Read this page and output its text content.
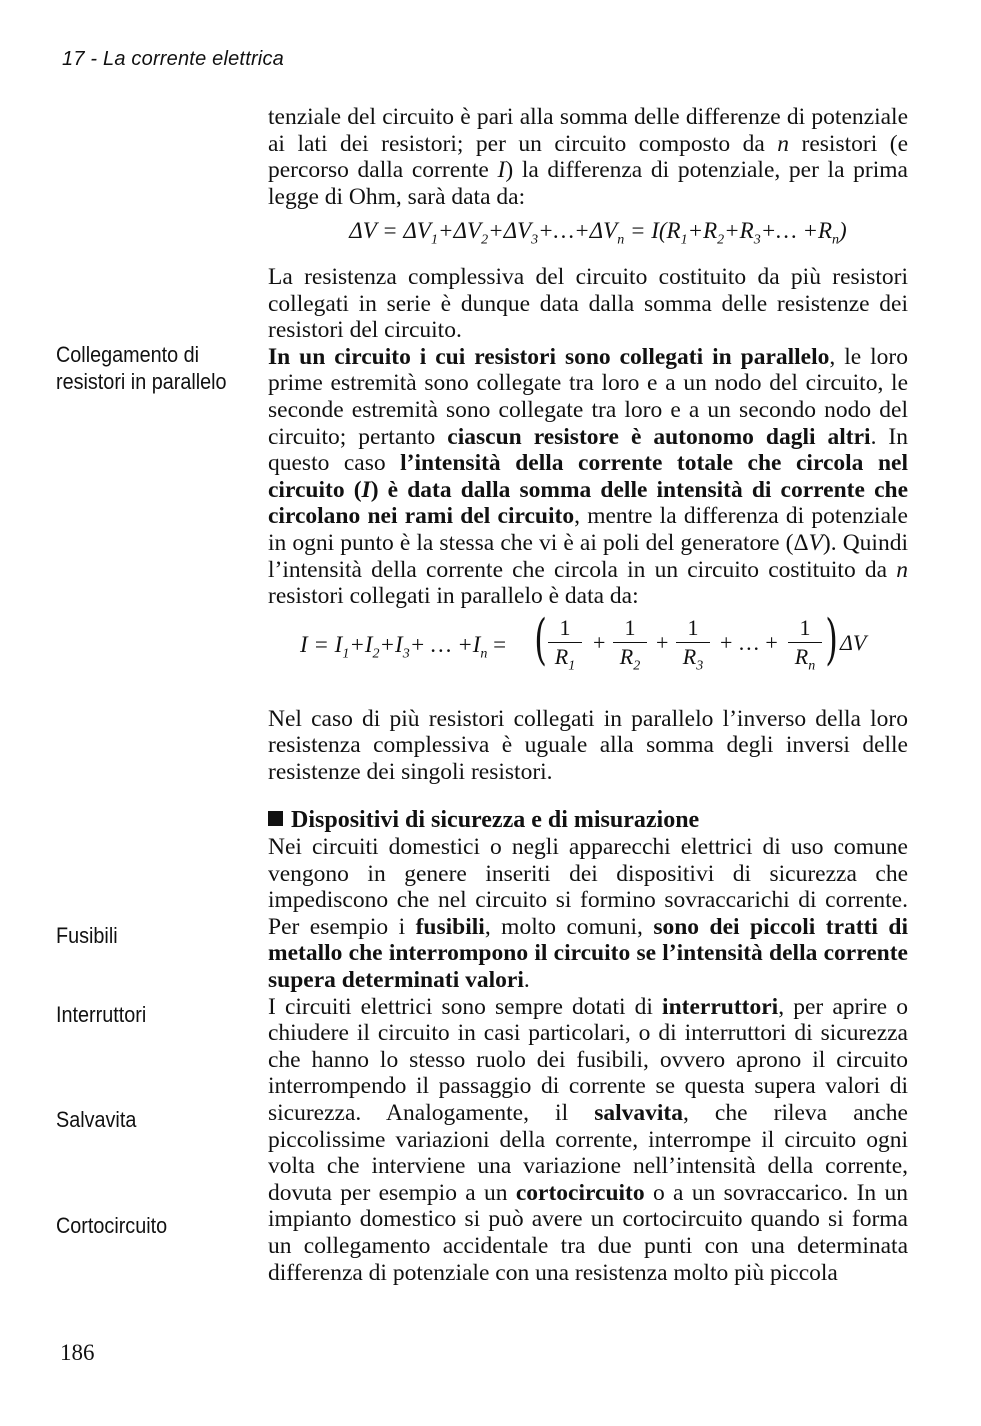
17 - La corrente elettrica
Collegamento di resistori in parallelo
Fusibili
Interruttori
Salvavita
Cortocircuito

tenziale del circuito è pari alla somma delle differenze di potenziale ai lati dei resistori; per un circuito composto da n resistori (e percorso dalla corrente I) la differenza di potenziale, per la prima legge di Ohm, sarà data da:

$\Delta V = \Delta V_1+\Delta V_2+\Delta V_3+\dots+\Delta V_n$ = $I(R_1+R_2+R_3+\dots +R_n)$

La resistenza complessiva del circuito costituito da più resistori collegati in serie è dunque data dalla somma delle resistenze dei resistori del circuito.

In un circuito i cui resistori sono collegati in parallelo, le loro prime estremità sono collegate tra loro e a un nodo del circuito, le seconde estremità sono collegate tra loro e a un secondo nodo del circuito; pertanto ciascun resistore è autonomo dagli altri. In questo caso l’intensità della corrente totale che circola nel circuito (I) è data dalla somma delle intensità di corrente che circolano nei rami del circuito, mentre la differenza di potenziale in ogni punto è la stessa che vi è ai poli del generatore (ΔV). Quindi l’intensità della corrente che circola in un circuito costituito da n resistori collegati in parallelo è data da:

$I = I_1+I_2+I_3+$ … $+I_n$ = ( $\frac{1}{R_1} + \frac{1}{R_2} + \frac{1}{R_3}$ + … + $\frac{1}{R_n}$ ) ΔV

Nel caso di più resistori collegati in parallelo l’inverso della loro resistenza complessiva è uguale alla somma degli inversi delle resistenze dei singoli resistori.

Dispositivi di sicurezza e di misurazione

Nei circuiti domestici o negli apparecchi elettrici di uso comune vengono in genere inseriti dei dispositivi di sicurezza che impediscono che nel circuito si formino sovraccarichi di corrente. Per esempio i fusibili, molto comuni, sono dei piccoli tratti di metallo che interrompono il circuito se l’intensità della corrente supera determinati valori.

I circuiti elettrici sono sempre dotati di interruttori, per aprire o chiudere il circuito in casi particolari, o di interruttori di sicurezza che hanno lo stesso ruolo dei fusibili, ovvero aprono il circuito interrompendo il passaggio di corrente se questa supera valori di sicurezza. Analogamente, il salvavita, che rileva anche piccolissime variazioni della corrente, interrompe il circuito ogni volta che interviene una variazione nell’intensità della corrente, dovuta per esempio a un cortocircuito o a un sovraccarico. In un impianto domestico si può avere un cortocircuito quando si forma un collegamento accidentale tra due punti con una determinata differenza di potenziale con una resistenza molto più piccola

186
